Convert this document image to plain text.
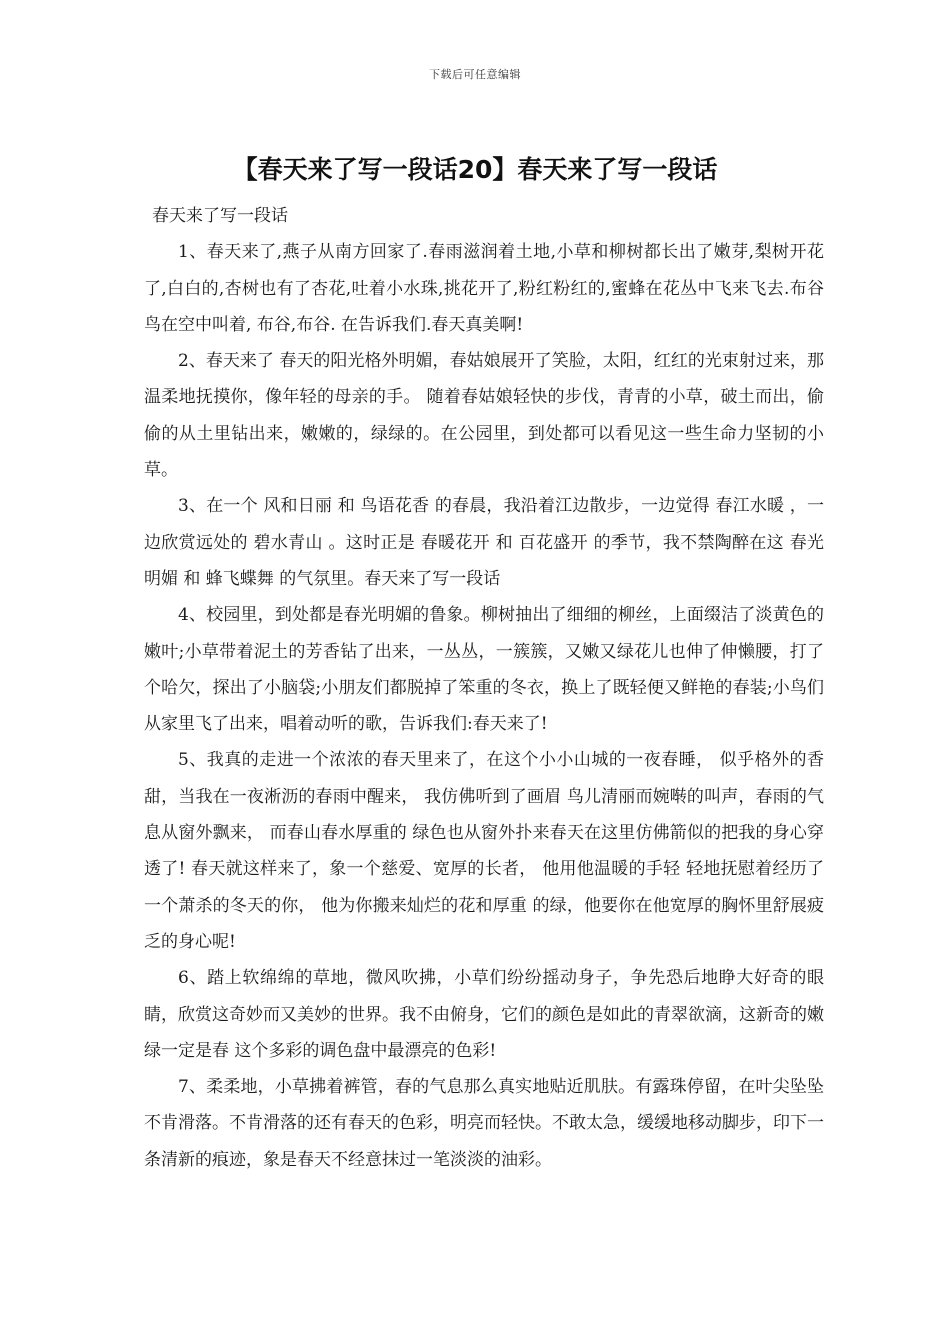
下载后可任意编辑
【春天来了写一段话20】春天来了写一段话

春天来了写一段话

1、春天来了,燕子从南方回家了.春雨滋润着土地,小草和柳树都长出了嫩芽,梨树开花了,白白的,杏树也有了杏花,吐着小水珠,挑花开了,粉红粉红的,蜜蜂在花丛中飞来飞去.布谷鸟在空中叫着, 布谷,布谷. 在告诉我们.春天真美啊!

2、春天来了 春天的阳光格外明媚，春姑娘展开了笑脸，太阳，红红的光束射过来，那温柔地抚摸你，像年轻的母亲的手。 随着春姑娘轻快的步伐，青青的小草，破土而出，偷偷的从土里钻出来，嫩嫩的，绿绿的。在公园里，到处都可以看见这一些生命力坚韧的小草。

3、在一个 风和日丽 和 鸟语花香 的春晨，我沿着江边散步，一边觉得 春江水暖 ，一边欣赏远处的 碧水青山 。这时正是 春暖花开 和 百花盛开 的季节，我不禁陶醉在这 春光明媚 和 蜂飞蝶舞 的气氛里。春天来了写一段话

4、校园里，到处都是春光明媚的鲁象。柳树抽出了细细的柳丝，上面缀洁了淡黄色的嫩叶;小草带着泥土的芳香钻了出来，一丛丛，一簇簇，又嫩又绿花儿也伸了伸懒腰，打了个哈欠，探出了小脑袋;小朋友们都脱掉了笨重的冬衣，换上了既轻便又鲜艳的春装;小鸟们从家里飞了出来，唱着动听的歌，告诉我们:春天来了!

5、我真的走进一个浓浓的春天里来了，在这个小小山城的一夜春睡， 似乎格外的香甜，当我在一夜淅沥的春雨中醒来， 我仿佛听到了画眉 鸟儿清丽而婉啭的叫声，春雨的气息从窗外飘来， 而春山春水厚重的 绿色也从窗外扑来春天在这里仿佛箭似的把我的身心穿透了! 春天就这样来了，象一个慈爱、宽厚的长者， 他用他温暖的手轻 轻地抚慰着经历了一个萧杀的冬天的你， 他为你搬来灿烂的花和厚重 的绿，他要你在他宽厚的胸怀里舒展疲乏的身心呢!

6、踏上软绵绵的草地，微风吹拂，小草们纷纷摇动身子，争先恐后地睁大好奇的眼睛，欣赏这奇妙而又美妙的世界。我不由俯身，它们的颜色是如此的青翠欲滴，这新奇的嫩绿一定是春 这个多彩的调色盘中最漂亮的色彩!

7、柔柔地，小草拂着裤管，春的气息那么真实地贴近肌肤。有露珠停留，在叶尖坠坠不肯滑落。不肯滑落的还有春天的色彩，明亮而轻快。不敢太急，缓缓地移动脚步，印下一条清新的痕迹，象是春天不经意抹过一笔淡淡的油彩。
